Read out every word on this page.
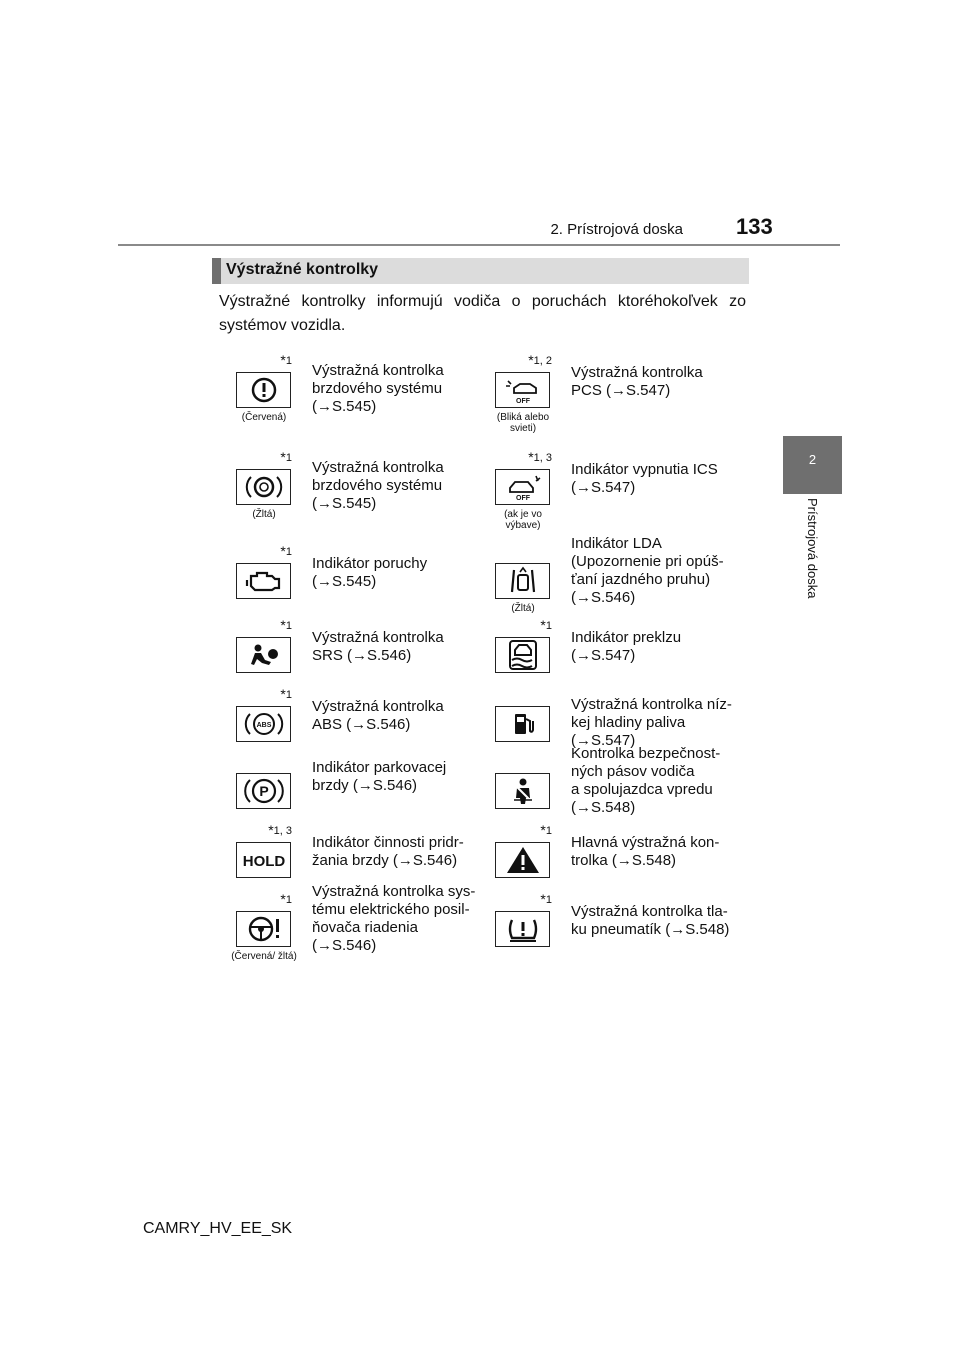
2. Prístrojová doska 133
2
Prístrojová doska
Výstražné kontrolky
Výstražné kontrolky informujú vodiča o poruchách ktoréhokoľvek zo
systémov vozidla.
*$^1$
(Červená)
Výstražná kontrolka
brzdového systému
(→S.545)
*$^{1, 2}$
OFF
(Bliká alebo svieti)
Výstražná kontrolka
PCS (→S.547)
*$^1$
(Žltá)
Výstražná kontrolka
brzdového systému
(→S.545)
*$^{1, 3}$
OFF
(ak je vo výbave)
Indikátor vypnutia ICS
(→S.547)
*$^1$
Indikátor poruchy
(→S.545)
(Žltá)
Indikátor LDA
(Upozornenie pri opúš-
ťaní jazdného pruhu)
(→S.546)
*$^1$
Výstražná kontrolka
SRS (→S.546)
*$^1$
Indikátor preklzu
(→S.547)
*$^1$
ABS
Výstražná kontrolka
ABS (→S.546)
Výstražná kontrolka níz-
kej hladiny paliva
(→S.547)
P
Indikátor parkovacej
brzdy (→S.546)
Kontrolka bezpečnost-
ných pásov vodiča
a spolujazdca vpredu
(→S.548)
*$^{1, 3}$
HOLD
Indikátor činnosti pridr-
žania brzdy (→S.546)
*$^1$
Hlavná výstražná kon-
trolka (→S.548)
*$^1$
(Červená/ žltá)
Výstražná kontrolka sys-
tému elektrického posil-
ňovača riadenia
(→S.546)
*$^1$
Výstražná kontrolka tla-
ku pneumatík (→S.548)
CAMRY_HV_EE_SK
